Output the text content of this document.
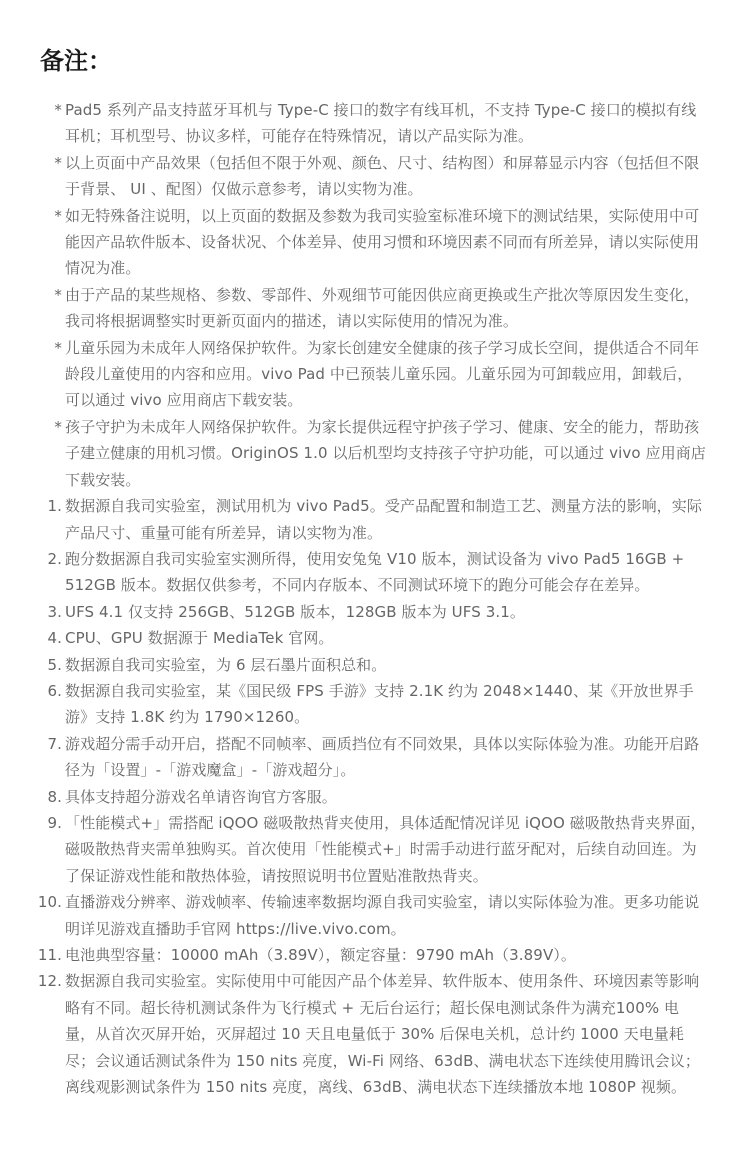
备注：
* Pad5 系列产品支持蓝牙耳机与 Type-C 接口的数字有线耳机，不支持 Type-C 接口的模拟有线耳机；耳机型号、协议多样，可能存在特殊情况，请以产品实际为准。
* 以上页面中产品效果（包括但不限于外观、颜色、尺寸、结构图）和屏幕显示内容（包括但不限于背景、 UI 、配图）仅做示意参考，请以实物为准。
* 如无特殊备注说明，以上页面的数据及参数为我司实验室标准环境下的测试结果，实际使用中可能因产品软件版本、设备状况、个体差异、使用习惯和环境因素不同而有所差异，请以实际使用情况为准。
* 由于产品的某些规格、参数、零部件、外观细节可能因供应商更换或生产批次等原因发生变化，我司将根据调整实时更新页面内的描述，请以实际使用的情况为准。
* 儿童乐园为未成年人网络保护软件。为家长创建安全健康的孩子学习成长空间，提供适合不同年龄段儿童使用的内容和应用。vivo Pad 中已预装儿童乐园。儿童乐园为可卸载应用，卸载后，可以通过 vivo 应用商店下载安装。
* 孩子守护为未成年人网络保护软件。为家长提供远程守护孩子学习、健康、安全的能力，帮助孩子建立健康的用机习惯。OriginOS 1.0 以后机型均支持孩子守护功能，可以通过 vivo 应用商店下载安装。
1. 数据源自我司实验室，测试用机为 vivo Pad5。受产品配置和制造工艺、测量方法的影响，实际产品尺寸、重量可能有所差异，请以实物为准。
2. 跑分数据源自我司实验室实测所得，使用安兔兔 V10 版本，测试设备为 vivo Pad5 16GB + 512GB 版本。数据仅供参考，不同内存版本、不同测试环境下的跑分可能会存在差异。
3. UFS 4.1 仅支持 256GB、512GB 版本，128GB 版本为 UFS 3.1。
4. CPU、GPU 数据源于 MediaTek 官网。
5. 数据源自我司实验室，为 6 层石墨片面积总和。
6. 数据源自我司实验室，某《国民级 FPS 手游》支持 2.1K 约为 2048×1440、某《开放世界手游》支持 1.8K 约为 1790×1260。
7. 游戏超分需手动开启，搭配不同帧率、画质挡位有不同效果，具体以实际体验为准。功能开启路径为「设置」-「游戏魔盒」-「游戏超分」。
8. 具体支持超分游戏名单请咨询官方客服。
9. 「性能模式+」需搭配 iQOO 磁吸散热背夹使用，具体适配情况详见 iQOO 磁吸散热背夹界面，磁吸散热背夹需单独购买。首次使用「性能模式+」时需手动进行蓝牙配对，后续自动回连。为了保证游戏性能和散热体验，请按照说明书位置贴准散热背夹。
10. 直播游戏分辨率、游戏帧率、传输速率数据均源自我司实验室，请以实际体验为准。更多功能说明详见游戏直播助手官网 https://live.vivo.com。
11. 电池典型容量：10000 mAh（3.89V），额定容量：9790 mAh（3.89V）。
12. 数据源自我司实验室。实际使用中可能因产品个体差异、软件版本、使用条件、环境因素等影响略有不同。超长待机测试条件为飞行模式 + 无后台运行；超长保电测试条件为满充100% 电量，从首次灭屏开始，灭屏超过 10 天且电量低于 30% 后保电关机，总计约 1000 天电量耗尽；会议通话测试条件为 150 nits 亮度，Wi-Fi 网络、63dB、满电状态下连续使用腾讯会议；离线观影测试条件为 150 nits 亮度，离线、63dB、满电状态下连续播放本地 1080P 视频。
